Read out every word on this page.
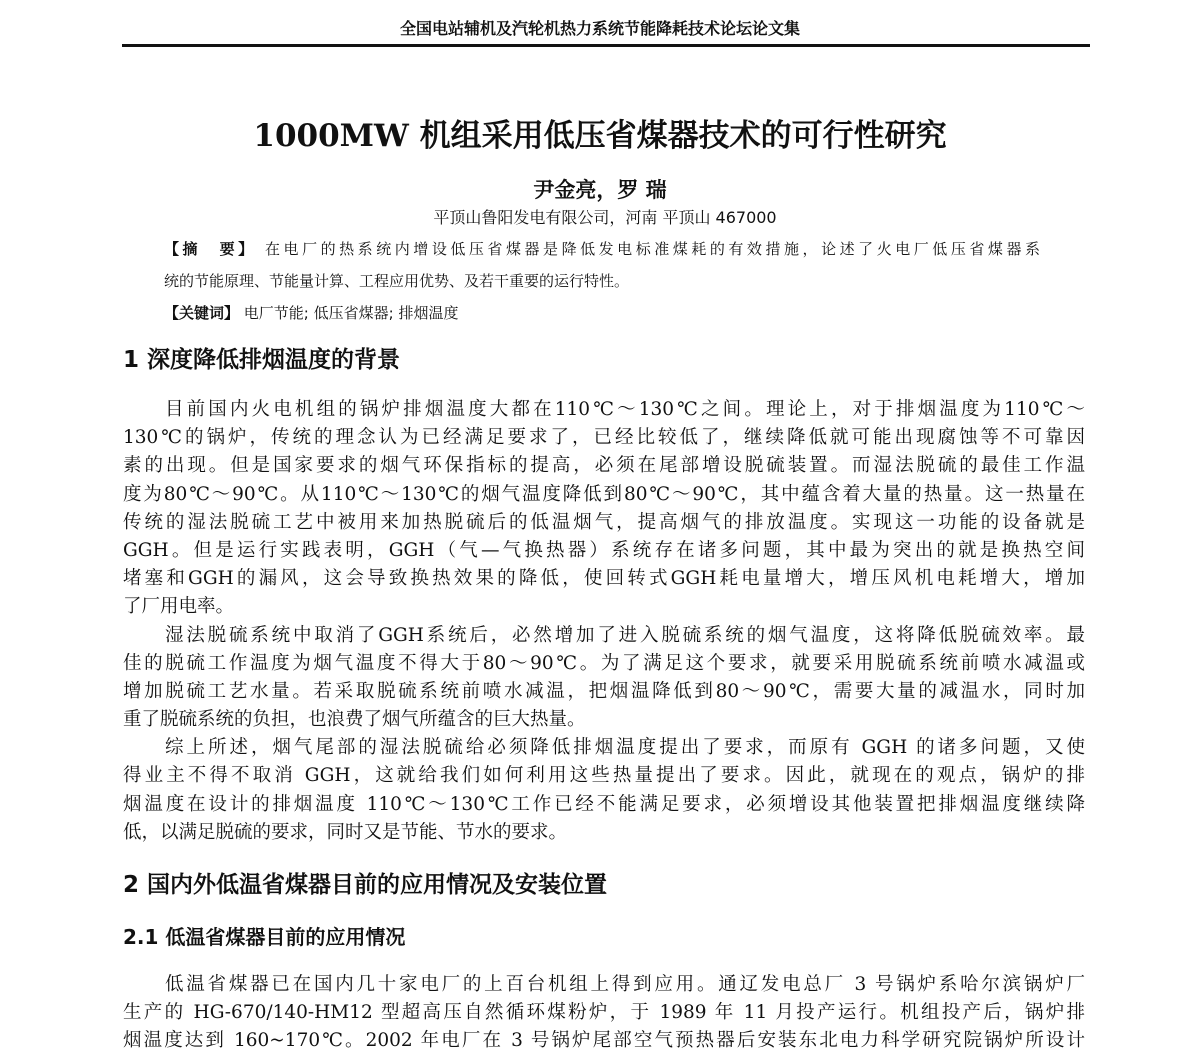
全国电站辅机及汽轮机热力系统节能降耗技术论坛论文集
1000MW 机组采用低压省煤器技术的可行性研究
尹金亮，罗 瑞
平顶山鲁阳发电有限公司，河南 平顶山 467000
【摘　要】 在电厂的热系统内增设低压省煤器是降低发电标准煤耗的有效措施，论述了火电厂低压省煤器系
统的节能原理、节能量计算、工程应用优势、及若干重要的运行特性。
【关键词】 电厂节能; 低压省煤器; 排烟温度
1 深度降低排烟温度的背景
目前国内火电机组的锅炉排烟温度大都在110℃～130℃之间。理论上，对于排烟温度为110℃～
130℃的锅炉，传统的理念认为已经满足要求了，已经比较低了，继续降低就可能出现腐蚀等不可靠因
素的出现。但是国家要求的烟气环保指标的提高，必须在尾部增设脱硫装置。而湿法脱硫的最佳工作温
度为80℃～90℃。从110℃～130℃的烟气温度降低到80℃～90℃，其中蕴含着大量的热量。这一热量在
传统的湿法脱硫工艺中被用来加热脱硫后的低温烟气，提高烟气的排放温度。实现这一功能的设备就是
GGH。但是运行实践表明，GGH（气—气换热器）系统存在诸多问题，其中最为突出的就是换热空间
堵塞和GGH的漏风，这会导致换热效果的降低，使回转式GGH耗电量增大，增压风机电耗增大，增加
了厂用电率。
湿法脱硫系统中取消了GGH系统后，必然增加了进入脱硫系统的烟气温度，这将降低脱硫效率。最
佳的脱硫工作温度为烟气温度不得大于80～90℃。为了满足这个要求，就要采用脱硫系统前喷水减温或
增加脱硫工艺水量。若采取脱硫系统前喷水减温，把烟温降低到80～90℃，需要大量的减温水，同时加
重了脱硫系统的负担，也浪费了烟气所蕴含的巨大热量。
综上所述，烟气尾部的湿法脱硫给必须降低排烟温度提出了要求，而原有 GGH 的诸多问题，又使
得业主不得不取消 GGH，这就给我们如何利用这些热量提出了要求。因此，就现在的观点，锅炉的排
烟温度在设计的排烟温度 110℃～130℃工作已经不能满足要求，必须增设其他装置把排烟温度继续降
低，以满足脱硫的要求，同时又是节能、节水的要求。
2 国内外低温省煤器目前的应用情况及安装位置
2.1 低温省煤器目前的应用情况
低温省煤器已在国内几十家电厂的上百台机组上得到应用。通辽发电总厂 3 号锅炉系哈尔滨锅炉厂
生产的 HG-670/140-HM12 型超高压自然循环煤粉炉，于 1989 年 11 月投产运行。机组投产后，锅炉排
烟温度达到 160~170℃。2002 年电厂在 3 号锅炉尾部空气预热器后安装东北电力科学研究院锅炉所设计
